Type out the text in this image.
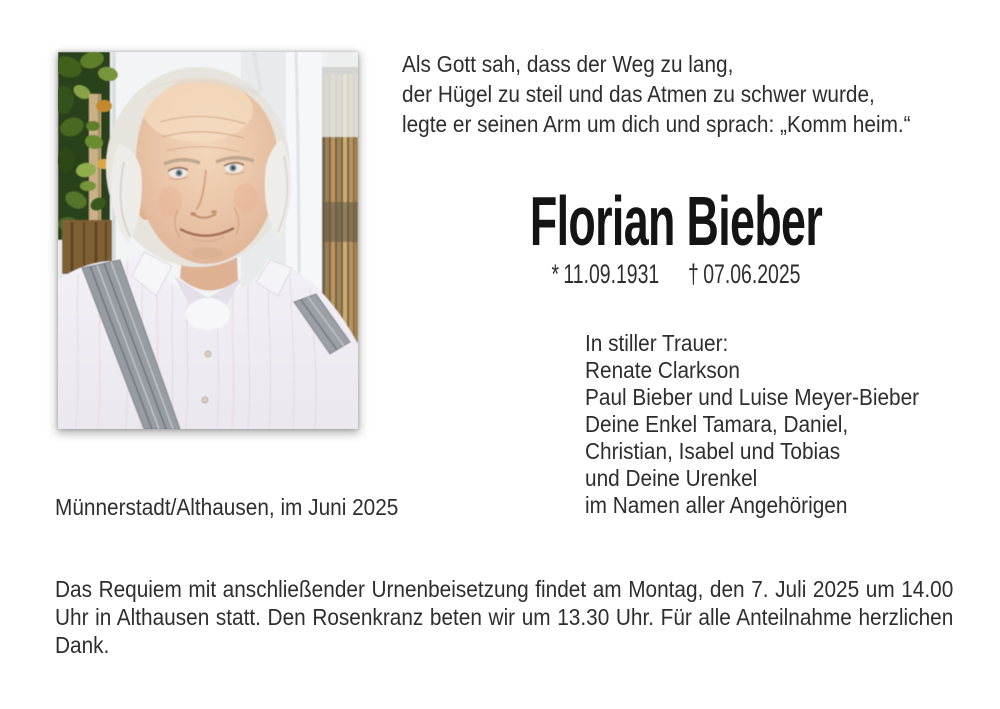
Als Gott sah, dass der Weg zu lang,
der Hügel zu steil und das Atmen zu schwer wurde,
legte er seinen Arm um dich und sprach: „Komm heim.“
Florian Bieber
* 11.09.1931 † 07.06.2025
In stiller Trauer:
Renate Clarkson
Paul Bieber und Luise Meyer-Bieber
Deine Enkel Tamara, Daniel,
Christian, Isabel und Tobias
und Deine Urenkel
im Namen aller Angehörigen
Münnerstadt/Althausen, im Juni 2025
Das Requiem mit anschließender Urnenbeisetzung findet am Montag, den 7. Juli 2025 um 14.00 Uhr in Althausen statt. Den Rosenkranz beten wir um 13.30 Uhr. Für alle Anteilnahme herzlichen Dank.
